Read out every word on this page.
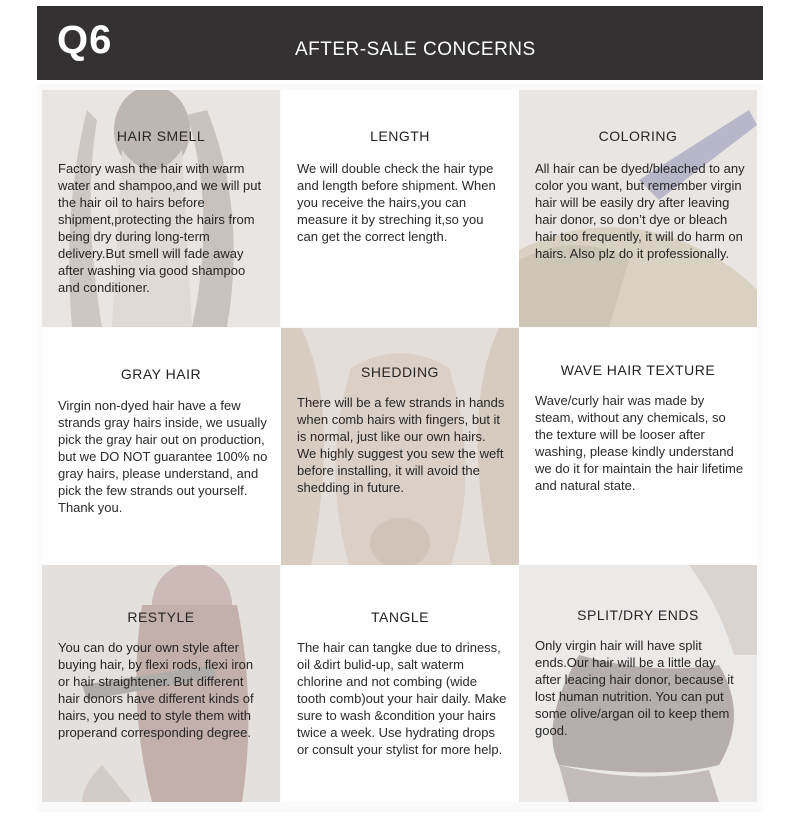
Q6	AFTER-SALE CONCERNS
HAIR SMELL
Factory wash the hair with warm water and shampoo,and we will put the hair oil to hairs before shipment,protecting the hairs from being dry during long-term delivery.But smell will fade away after washing via good shampoo and conditioner.
LENGTH
We will double check the hair type and length before shipment. When you receive the hairs,you can measure it by streching it,so you can get the correct length.
COLORING
All hair can be dyed/bleached to any color you want, but remember virgin hair will be easily dry after leaving hair donor, so don’t dye or bleach hair too frequently, it will do harm on hairs. Also plz do it professionally.
GRAY HAIR
Virgin non-dyed hair have a few strands gray hairs inside, we usually pick the gray hair out on production, but we DO NOT guarantee 100% no gray hairs, please understand, and pick the few strands out yourself. Thank you.
SHEDDING
There will be a few strands in hands when comb hairs with fingers, but it is normal, just like our own hairs. We highly suggest you sew the weft before installing, it will avoid the shedding in future.
WAVE HAIR TEXTURE
Wave/curly hair was made by steam, without any chemicals, so the texture will be looser after washing, please kindly understand we do it for maintain the hair lifetime and natural state.
RESTYLE
You can do your own style after buying hair, by flexi rods, flexi iron or hair straightener. But different hair donors have different kinds of hairs, you need to style them with properand corresponding degree.
TANGLE
The hair can tangke due to driness, oil &dirt bulid-up, salt waterm chlorine and not combing (wide tooth comb)out your hair daily. Make sure to wash &condition your hairs twice a week. Use hydrating drops or consult your stylist for more help.
SPLIT/DRY ENDS
Only virgin hair will have split ends.Our hair will be a little day after leacing hair donor, because it lost human nutrition. You can put some olive/argan oil to keep them good.
